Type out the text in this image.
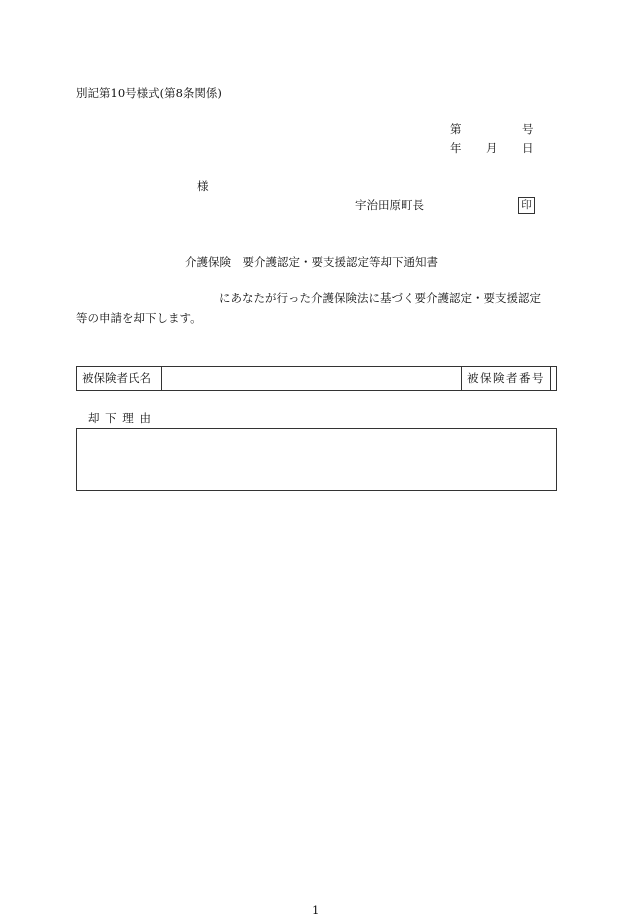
別記第10号様式(第8条関係)
第	号
年 月 日
様
宇治田原町長	印
介護保険　要介護認定・要支援認定等却下通知書
にあなたが行った介護保険法に基づく要介護認定・要支援認定
等の申請を却下します。
被保険者氏名	被保険者番号
却 下 理 由
1
